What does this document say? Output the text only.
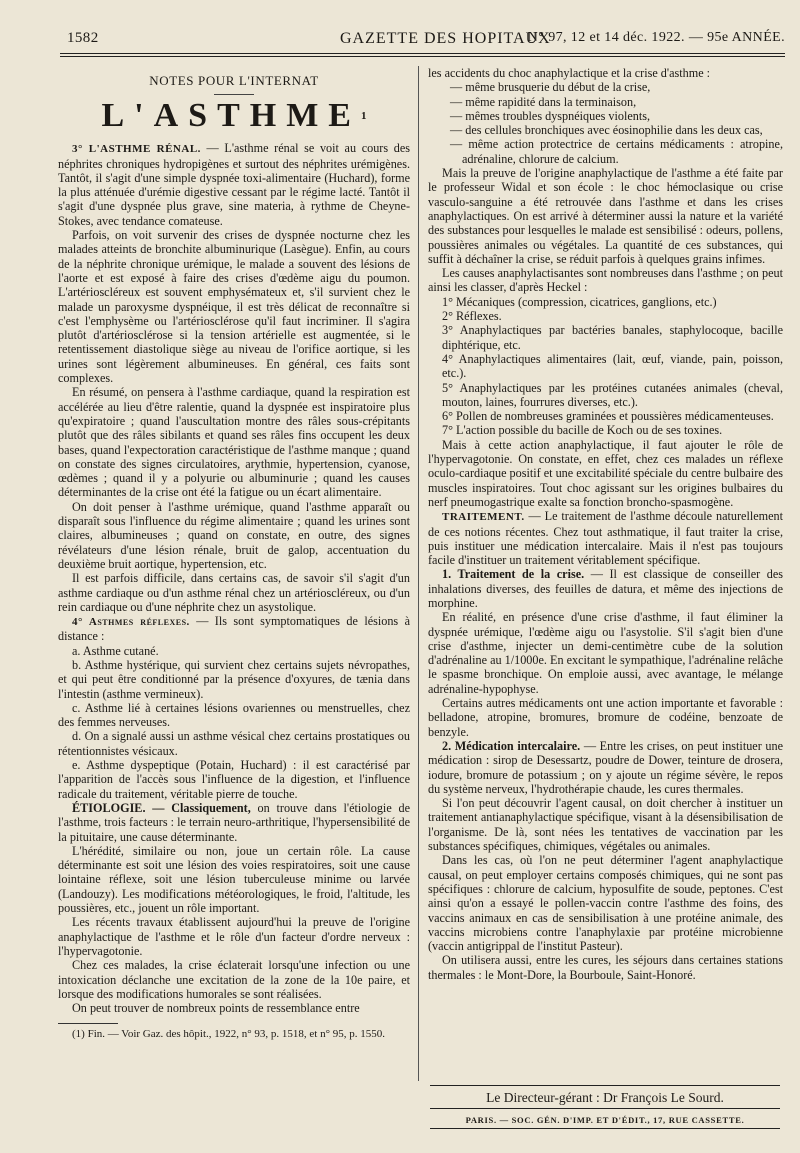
1582	GAZETTE DES HOPITAUX
N° 97, 12 et 14 déc. 1922. — 95e ANNÉE.
NOTES POUR L'INTERNAT
L'ASTHME$^1$

3° L'ASTHME RÉNAL. — L'asthme rénal se voit au cours des néphrites chroniques hydropigènes et surtout des néphrites urémigènes. Tantôt, il s'agit d'une simple dyspnée toxi-alimentaire (Huchard), forme la plus atténuée d'urémie digestive cessant par le régime lacté. Tantôt il s'agit d'une dyspnée plus grave, sine materia, à rythme de Cheyne-Stokes, avec tendance comateuse.

Parfois, on voit survenir des crises de dyspnée nocturne chez les malades atteints de bronchite albuminurique (Lasègue). Enfin, au cours de la néphrite chronique urémique, le malade a souvent des lésions de l'aorte et est exposé à faire des crises d'œdème aigu du poumon. L'artérioscléreux est souvent emphysémateux et, s'il survient chez le malade un paroxysme dyspnéique, il est très délicat de reconnaître si c'est l'emphysème ou l'artériosclérose qu'il faut incriminer. Il s'agira plutôt d'artériosclérose si la tension artérielle est augmentée, si le retentissement diastolique siège au niveau de l'orifice aortique, si les urines sont légèrement albumineuses. En général, ces faits sont complexes.

En résumé, on pensera à l'asthme cardiaque, quand la respiration est accélérée au lieu d'être ralentie, quand la dyspnée est inspiratoire plus qu'expiratoire ; quand l'auscultation montre des râles sous-crépitants plutôt que des râles sibilants et quand ses râles fins occupent les deux bases, quand l'expectoration caractéristique de l'asthme manque ; quand on constate des signes circulatoires, arythmie, hypertension, cyanose, œdèmes ; quand il y a polyurie ou albuminurie ; quand les causes déterminantes de la crise ont été la fatigue ou un écart alimentaire.

On doit penser à l'asthme urémique, quand l'asthme apparaît ou disparaît sous l'influence du régime alimentaire ; quand les urines sont claires, albumineuses ; quand on constate, en outre, des signes révélateurs d'une lésion rénale, bruit de galop, accentuation du deuxième bruit aortique, hypertension, etc.

Il est parfois difficile, dans certains cas, de savoir s'il s'agit d'un asthme cardiaque ou d'un asthme rénal chez un artérioscléreux, ou d'un rein cardiaque ou d'une néphrite chez un asystolique.

4° Asthmes réflexes. — Ils sont symptomatiques de lésions à distance :

a. Asthme cutané.

b. Asthme hystérique, qui survient chez certains sujets névropathes, et qui peut être conditionné par la présence d'oxyures, de tænia dans l'intestin (asthme vermineux).

c. Asthme lié à certaines lésions ovariennes ou menstruelles, chez des femmes nerveuses.

d. On a signalé aussi un asthme vésical chez certains prostatiques ou rétentionnistes vésicaux.

e. Asthme dyspeptique (Potain, Huchard) : il est caractérisé par l'apparition de l'accès sous l'influence de la digestion, et l'influence radicale du traitement, véritable pierre de touche.

ÉTIOLOGIE. — Classiquement, on trouve dans l'étiologie de l'asthme, trois facteurs : le terrain neuro-arthritique, l'hypersensibilité de la pituitaire, une cause déterminante.

L'hérédité, similaire ou non, joue un certain rôle. La cause déterminante est soit une lésion des voies respiratoires, soit une cause lointaine réflexe, soit une lésion tuberculeuse minime ou larvée (Landouzy). Les modifications météorologiques, le froid, l'altitude, les poussières, etc., jouent un rôle important.

Les récents travaux établissent aujourd'hui la preuve de l'origine anaphylactique de l'asthme et le rôle d'un facteur d'ordre nerveux : l'hypervagotonie.

Chez ces malades, la crise éclaterait lorsqu'une infection ou une intoxication déclanche une excitation de la zone de la 10e paire, et lorsque des modifications humorales se sont réalisées.

On peut trouver de nombreux points de ressemblance entre

(1) Fin. — Voir Gaz. des hôpit., 1922, n° 93, p. 1518, et n° 95, p. 1550.

les accidents du choc anaphylactique et la crise d'asthme :

— même brusquerie du début de la crise,

— même rapidité dans la terminaison,

— mêmes troubles dyspnéiques violents,

— des cellules bronchiques avec éosinophilie dans les deux cas,

— même action protectrice de certains médicaments : atropine, adrénaline, chlorure de calcium.

Mais la preuve de l'origine anaphylactique de l'asthme a été faite par le professeur Widal et son école : le choc hémoclasique ou crise vasculo-sanguine a été retrouvée dans l'asthme et dans les crises anaphylactiques. On est arrivé à déterminer aussi la nature et la variété des substances pour lesquelles le malade est sensibilisé : odeurs, pollens, poussières animales ou végétales. La quantité de ces substances, qui suffit à déchaîner la crise, se réduit parfois à quelques grains infimes.

Les causes anaphylactisantes sont nombreuses dans l'asthme ; on peut ainsi les classer, d'après Heckel :

1° Mécaniques (compression, cicatrices, ganglions, etc.)

2° Réflexes.

3° Anaphylactiques par bactéries banales, staphylocoque, bacille diphtérique, etc.

4° Anaphylactiques alimentaires (lait, œuf, viande, pain, poisson, etc.).

5° Anaphylactiques par les protéines cutanées animales (cheval, mouton, laines, fourrures diverses, etc.).

6° Pollen de nombreuses graminées et poussières médicamenteuses.

7° L'action possible du bacille de Koch ou de ses toxines.

Mais à cette action anaphylactique, il faut ajouter le rôle de l'hypervagotonie. On constate, en effet, chez ces malades un réflexe oculo-cardiaque positif et une excitabilité spéciale du centre bulbaire des muscles inspiratoires. Tout choc agissant sur les origines bulbaires du nerf pneumogastrique exalte sa fonction broncho-spasmogène.

TRAITEMENT. — Le traitement de l'asthme découle naturellement de ces notions récentes. Chez tout asthmatique, il faut traiter la crise, puis instituer une médication intercalaire. Mais il n'est pas toujours facile d'instituer un traitement véritablement spécifique.

1. Traitement de la crise. — Il est classique de conseiller des inhalations diverses, des feuilles de datura, et même des injections de morphine.

En réalité, en présence d'une crise d'asthme, il faut éliminer la dyspnée urémique, l'œdème aigu ou l'asystolie. S'il s'agit bien d'une crise d'asthme, injecter un demi-centimètre cube de la solution d'adrénaline au 1/1000e. En excitant le sympathique, l'adrénaline relâche le spasme bronchique. On emploie aussi, avec avantage, le mélange adrénaline-hypophyse.

Certains autres médicaments ont une action importante et favorable : belladone, atropine, bromures, bromure de codéine, benzoate de benzyle.

2. Médication intercalaire. — Entre les crises, on peut instituer une médication : sirop de Desessartz, poudre de Dower, teinture de drosera, iodure, bromure de potassium ; on y ajoute un régime sévère, le repos du système nerveux, l'hydrothérapie chaude, les cures thermales.

Si l'on peut découvrir l'agent causal, on doit chercher à instituer un traitement antianaphylactique spécifique, visant à la désensibilisation de l'organisme. De là, sont nées les tentatives de vaccination par les substances spécifiques, chimiques, végétales ou animales.

Dans les cas, où l'on ne peut déterminer l'agent anaphylactique causal, on peut employer certains composés chimiques, qui ne sont pas spécifiques : chlorure de calcium, hyposulfite de soude, peptones. C'est ainsi qu'on a essayé le pollen-vaccin contre l'asthme des foins, des vaccins animaux en cas de sensibilisation à une protéine animale, des vaccins microbiens contre l'anaphylaxie par protéine microbienne (vaccin antigrippal de l'institut Pasteur).

On utilisera aussi, entre les cures, les séjours dans certaines stations thermales : le Mont-Dore, la Bourboule, Saint-Honoré.

Le Directeur-gérant : Dr François Le Sourd.
PARIS. — SOC. GÉN. D'IMP. ET D'ÉDIT., 17, RUE CASSETTE.
